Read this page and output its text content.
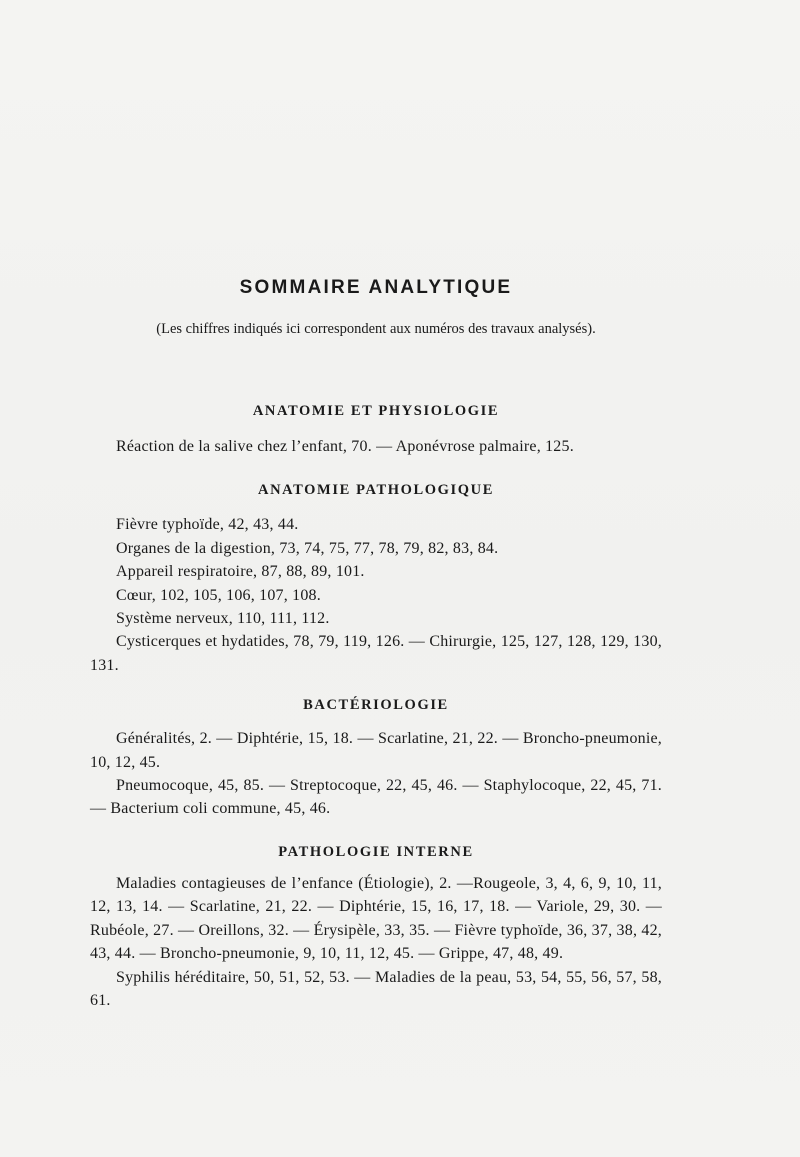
SOMMAIRE ANALYTIQUE

(Les chiffres indiqués ici correspondent aux numéros des travaux analysés).

ANATOMIE ET PHYSIOLOGIE

Réaction de la salive chez l’enfant, 70. — Aponévrose palmaire, 125.

ANATOMIE PATHOLOGIQUE

Fièvre typhoïde, 42, 43, 44.

Organes de la digestion, 73, 74, 75, 77, 78, 79, 82, 83, 84.

Appareil respiratoire, 87, 88, 89, 101.

Cœur, 102, 105, 106, 107, 108.

Système nerveux, 110, 111, 112.

Cysticerques et hydatides, 78, 79, 119, 126. — Chirurgie, 125, 127, 128, 129, 130, 131.

BACTÉRIOLOGIE

Généralités, 2. — Diphtérie, 15, 18. — Scarlatine, 21, 22. — Broncho-pneumonie, 10, 12, 45.

Pneumocoque, 45, 85. — Streptocoque, 22, 45, 46. — Staphylocoque, 22, 45, 71. — Bacterium coli commune, 45, 46.

PATHOLOGIE INTERNE

Maladies contagieuses de l’enfance (Étiologie), 2. —Rougeole, 3, 4, 6, 9, 10, 11, 12, 13, 14. — Scarlatine, 21, 22. — Diphtérie, 15, 16, 17, 18. — Variole, 29, 30. — Rubéole, 27. — Oreillons, 32. — Érysipèle, 33, 35. — Fièvre typhoïde, 36, 37, 38, 42, 43, 44. — Broncho-pneumonie, 9, 10, 11, 12, 45. — Grippe, 47, 48, 49.

Syphilis héréditaire, 50, 51, 52, 53. — Maladies de la peau, 53, 54, 55, 56, 57, 58, 61.
